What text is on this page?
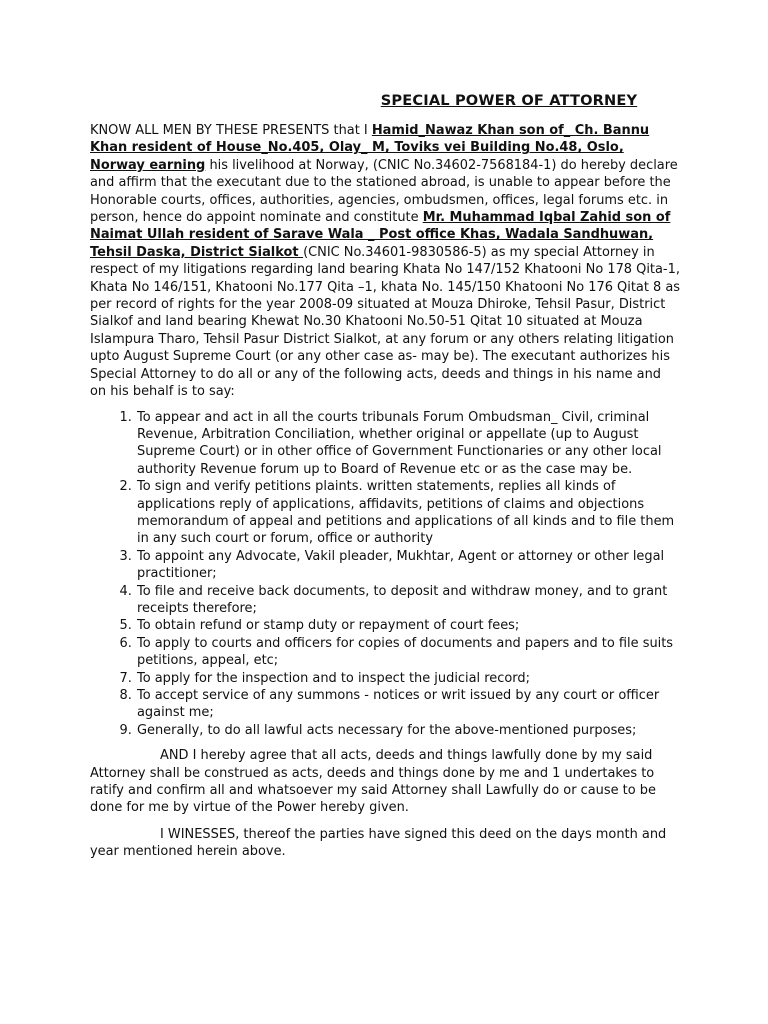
SPECIAL POWER OF ATTORNEY
KNOW ALL MEN BY THESE PRESENTS that I Hamid_Nawaz Khan son of_ Ch. Bannu Khan resident of House_No.405, Olay_ M, Toviks vei Building No.48, Oslo, Norway earning his livelihood at Norway, (CNIC No.34602-7568184-1) do hereby declare and affirm that the executant due to the stationed abroad, is unable to appear before the Honorable courts, offices, authorities, agencies, ombudsmen, offices, legal forums etc. in person, hence do appoint nominate and constitute Mr. Muhammad Iqbal Zahid son of Naimat Ullah resident of Sarave Wala _ Post office Khas, Wadala Sandhuwan, Tehsil Daska, District Sialkot (CNIC No.34601-9830586-5) as my special Attorney in respect of my litigations regarding land bearing Khata No 147/152 Khatooni No 178 Qita-1, Khata No 146/151, Khatooni No.177 Qita –1, khata No. 145/150 Khatooni No 176 Qitat 8 as per record of rights for the year 2008-09 situated at Mouza Dhiroke, Tehsil Pasur, District Sialkof and land bearing Khewat No.30 Khatooni No.50-51 Qitat 10 situated at Mouza Islampura Tharo, Tehsil Pasur District Sialkot, at any forum or any others relating litigation upto August Supreme Court (or any other case as- may be). The executant authorizes his Special Attorney to do all or any of the following acts, deeds and things in his name and on his behalf is to say:
1. To appear and act in all the courts tribunals Forum Ombudsman_ Civil, criminal Revenue, Arbitration Conciliation, whether original or appellate (up to August Supreme Court) or in other office of Government Functionaries or any other local authority Revenue forum up to Board of Revenue etc or as the case may be.
2. To sign and verify petitions plaints. written statements, replies all kinds of applications reply of applications, affidavits, petitions of claims and objections memorandum of appeal and petitions and applications of all kinds and to file them in any such court or forum, office or authority
3. To appoint any Advocate, Vakil pleader, Mukhtar, Agent or attorney or other legal practitioner;
4. To file and receive back documents, to deposit and withdraw money, and to grant receipts therefore;
5. To obtain refund or stamp duty or repayment of court fees;
6. To apply to courts and officers for copies of documents and papers and to file suits petitions, appeal, etc;
7. To apply for the inspection and to inspect the judicial record;
8. To accept service of any summons - notices or writ issued by any court or officer against me;
9. Generally, to do all lawful acts necessary for the above-mentioned purposes;
AND I hereby agree that all acts, deeds and things lawfully done by my said Attorney shall be construed as acts, deeds and things done by me and 1 undertakes to ratify and confirm all and whatsoever my said Attorney shall Lawfully do or cause to be done for me by virtue of the Power hereby given.
I WINESSES, thereof the parties have signed this deed on the days month and year mentioned herein above.
